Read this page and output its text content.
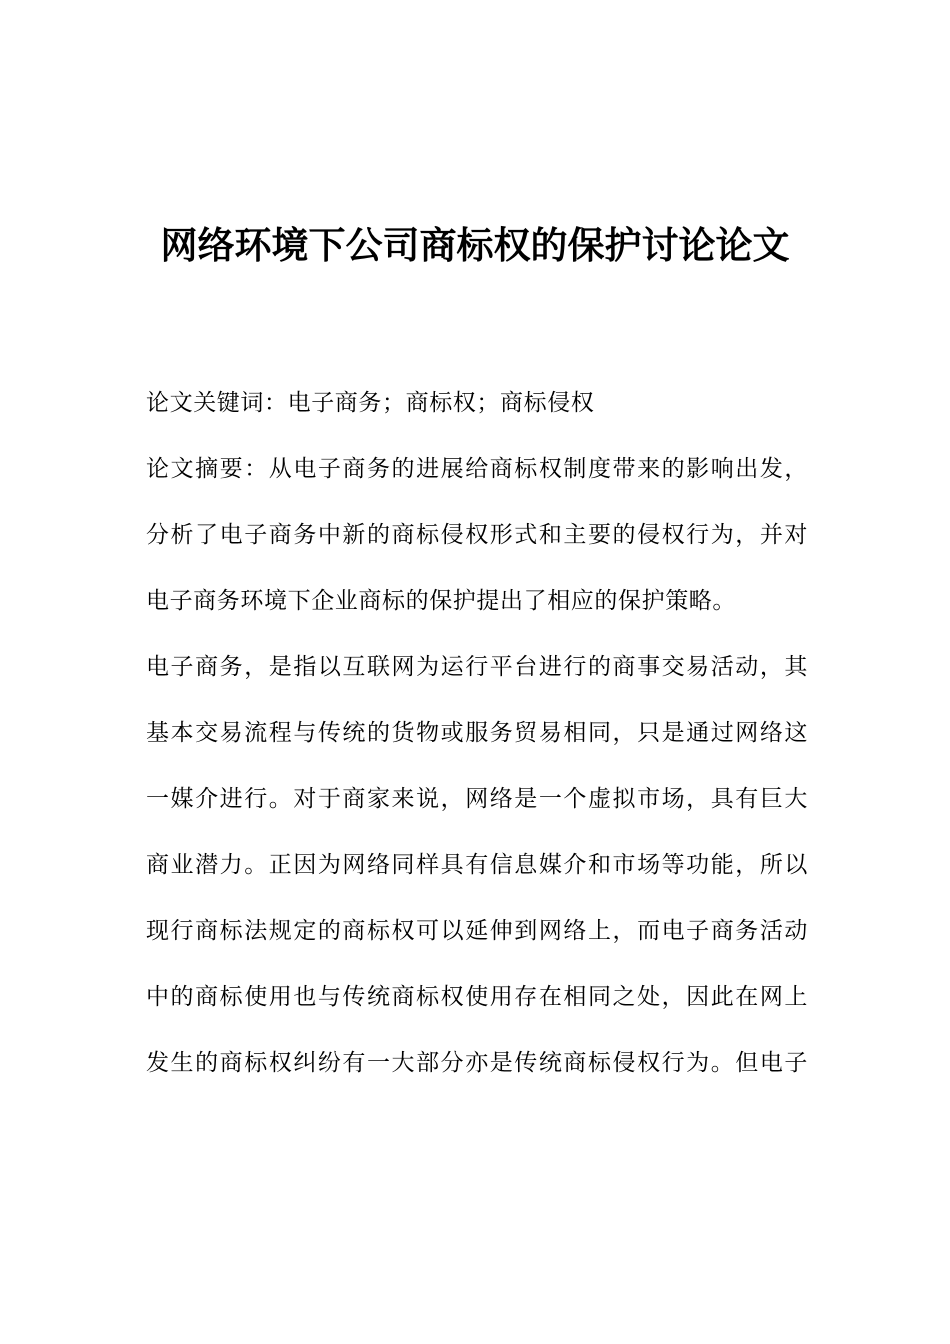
网络环境下公司商标权的保护讨论论文

论文关键词：电子商务；商标权；商标侵权

论文摘要：从电子商务的进展给商标权制度带来的影响出发，

分析了电子商务中新的商标侵权形式和主要的侵权行为，并对

电子商务环境下企业商标的保护提出了相应的保护策略。

电子商务，是指以互联网为运行平台进行的商事交易活动，其

基本交易流程与传统的货物或服务贸易相同，只是通过网络这

一媒介进行。对于商家来说，网络是一个虚拟市场，具有巨大

商业潜力。正因为网络同样具有信息媒介和市场等功能，所以

现行商标法规定的商标权可以延伸到网络上，而电子商务活动

中的商标使用也与传统商标权使用存在相同之处，因此在网上

发生的商标权纠纷有一大部分亦是传统商标侵权行为。但电子
